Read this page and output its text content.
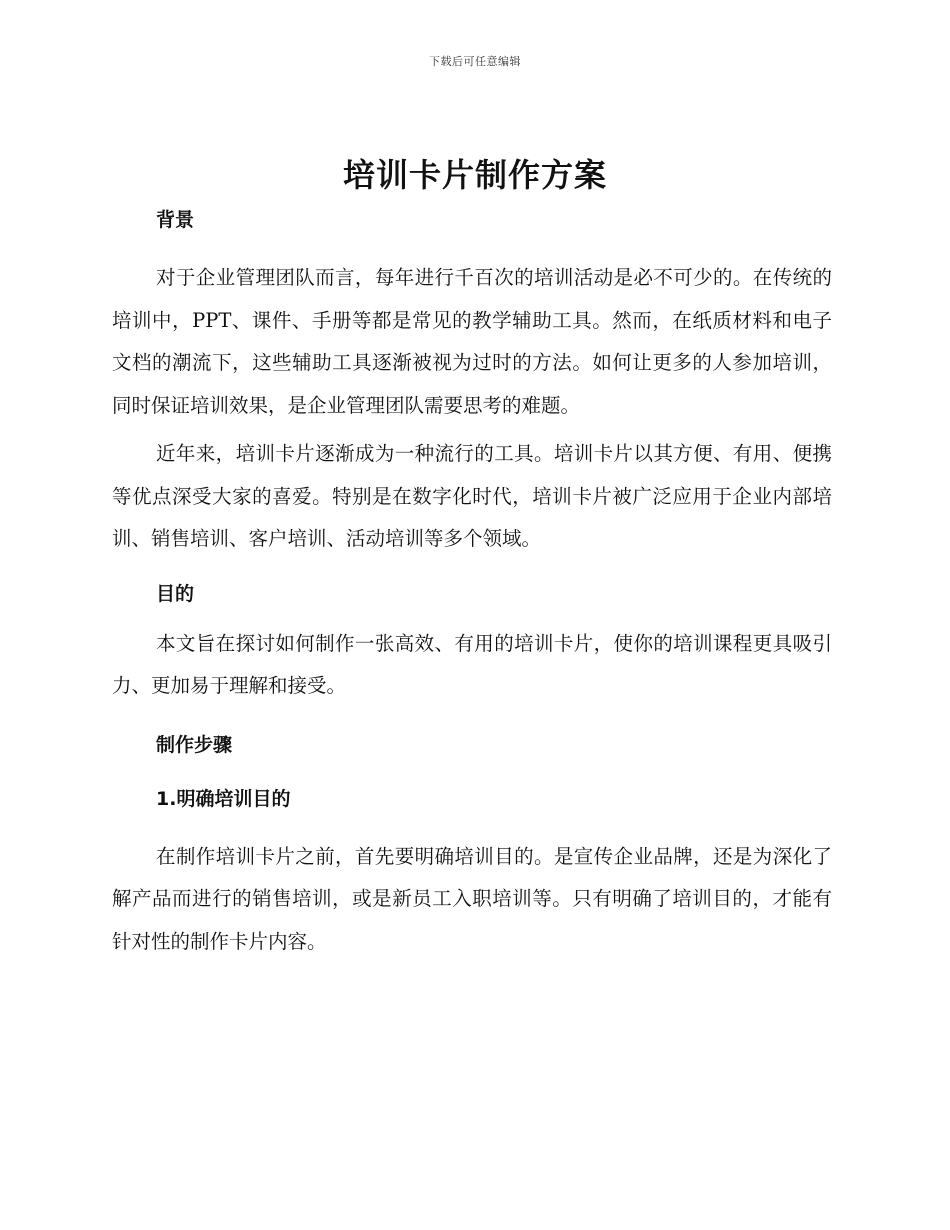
下载后可任意编辑
培训卡片制作方案
背景

对于企业管理团队而言，每年进行千百次的培训活动是必不可少的。在传统的培训中，PPT、课件、手册等都是常见的教学辅助工具。然而，在纸质材料和电子文档的潮流下，这些辅助工具逐渐被视为过时的方法。如何让更多的人参加培训，同时保证培训效果，是企业管理团队需要思考的难题。

近年来，培训卡片逐渐成为一种流行的工具。培训卡片以其方便、有用、便携等优点深受大家的喜爱。特别是在数字化时代，培训卡片被广泛应用于企业内部培训、销售培训、客户培训、活动培训等多个领域。

目的

本文旨在探讨如何制作一张高效、有用的培训卡片，使你的培训课程更具吸引力、更加易于理解和接受。

制作步骤
1.明确培训目的

在制作培训卡片之前，首先要明确培训目的。是宣传企业品牌，还是为深化了解产品而进行的销售培训，或是新员工入职培训等。只有明确了培训目的，才能有针对性的制作卡片内容。
